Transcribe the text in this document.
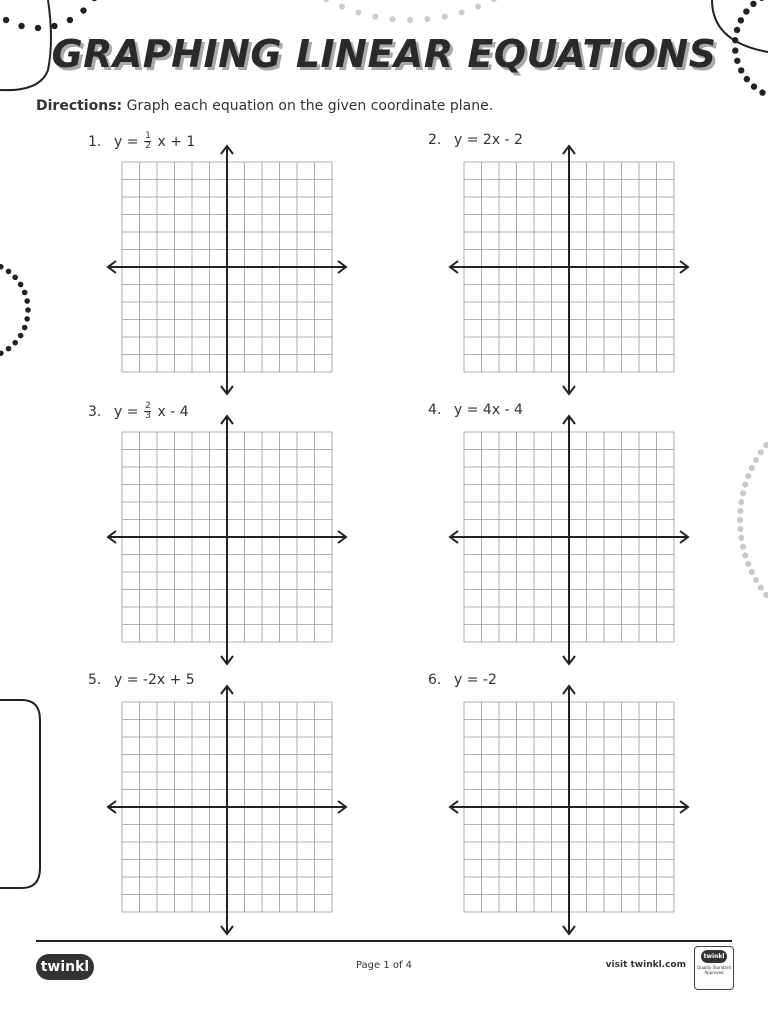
GRAPHING LINEAR EQUATIONS
Directions: Graph each equation on the given coordinate plane.
1. $y = \frac{1}{2}$ x + 1	2. y = 2x - 2
3. $y = \frac{2}{3}$ x - 4	4. y = 4x - 4
5. y = -2x + 5	6. y = -2
twinkl	Page 1 of 4	visit twinkl.com
twinkl
Quality Standard Approved
